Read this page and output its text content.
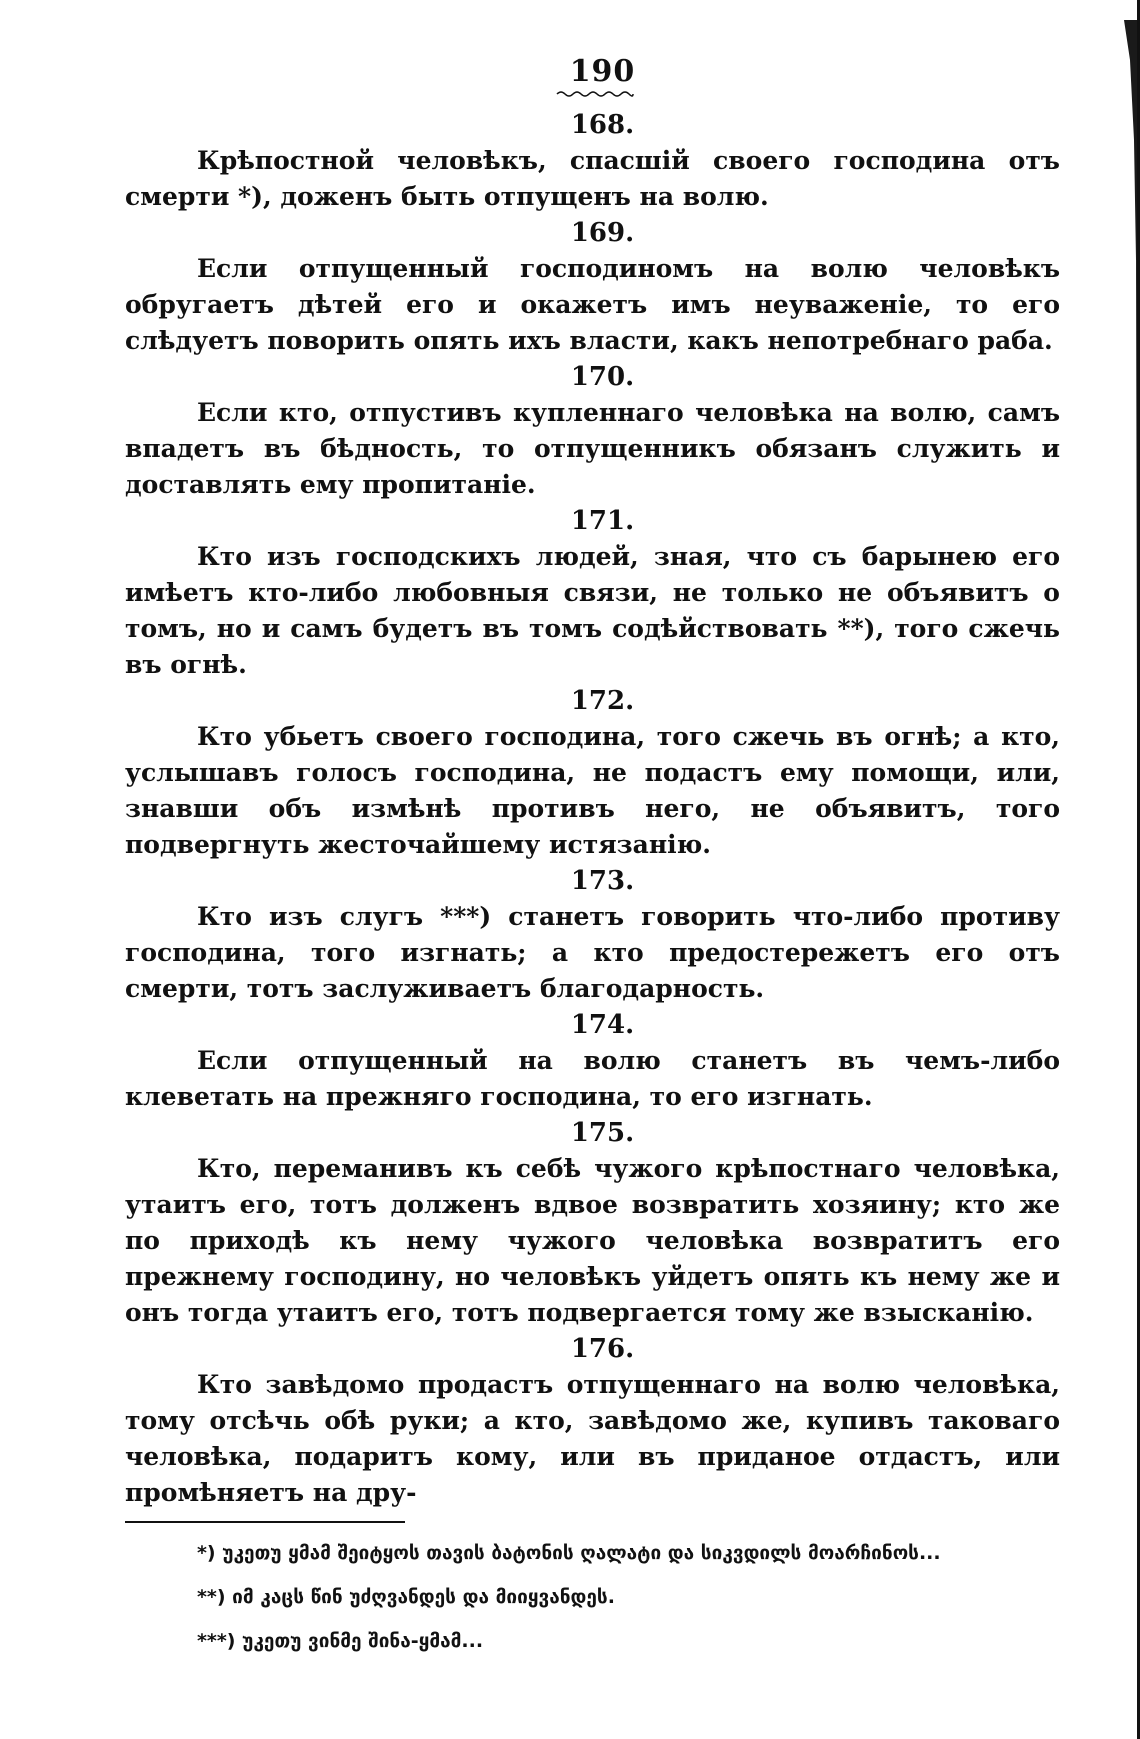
190
168.

Крѣпостной человѣкъ, спасшій своего господина отъ смерти *), доженъ быть отпущенъ на волю.

169.

Если отпущенный господиномъ на волю человѣкъ обругаетъ дѣтей его и окажетъ имъ неуваженіе, то его слѣдуетъ поворить опять ихъ власти, какъ непотребнаго раба.

170.

Если кто, отпустивъ купленнаго человѣка на волю, самъ впадетъ въ бѣдность, то отпущенникъ обязанъ служить и доставлять ему пропитаніе.

171.

Кто изъ господскихъ людей, зная, что съ барынею его имѣетъ кто-либо любовныя связи, не только не объявитъ о томъ, но и самъ будетъ въ томъ содѣйствовать **), того сжечь въ огнѣ.

172.

Кто убьетъ своего господина, того сжечь въ огнѣ; а кто, услышавъ голосъ господина, не подастъ ему помощи, или, знавши объ измѣнѣ противъ него, не объявитъ, того подвергнуть жесточайшему истязанію.

173.

Кто изъ слугъ ***) станетъ говорить что-либо противу господина, того изгнать; а кто предостережетъ его отъ смерти, тотъ заслуживаетъ благодарность.

174.

Если отпущенный на волю станетъ въ чемъ-либо клеветать на прежняго господина, то его изгнать.

175.

Кто, переманивъ къ себѣ чужого крѣпостнаго человѣка, утаитъ его, тотъ долженъ вдвое возвратить хозяину; кто же по приходѣ къ нему чужого человѣка возвратитъ его прежнему господину, но человѣкъ уйдетъ опять къ нему же и онъ тогда утаитъ его, тотъ подвергается тому же взысканію.

176.

Кто завѣдомо продастъ отпущеннаго на волю человѣка, тому отсѣчь обѣ руки; а кто, завѣдомо же, купивъ таковаго человѣка, подаритъ кому, или въ приданое отдастъ, или промѣняетъ на дру-

*) უკეთუ ყმამ შეიტყოს თავის ბატონის ღალატი და სიკვდილს მოარჩინოს...

**) იმ კაცს წინ უძღვანდეს და მიიყვანდეს.

***) უკეთუ ვინმე შინა-ყმამ...
